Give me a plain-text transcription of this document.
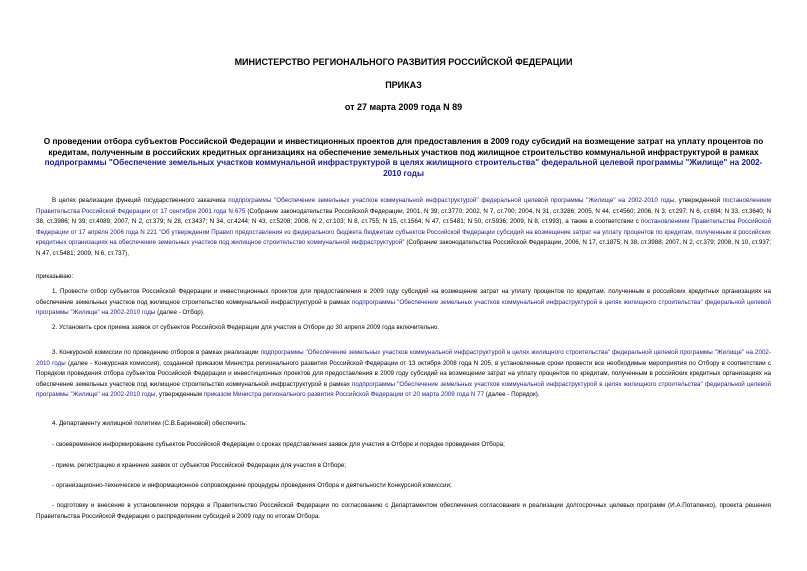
МИНИСТЕРСТВО РЕГИОНАЛЬНОГО РАЗВИТИЯ РОССИЙСКОЙ ФЕДЕРАЦИИ
ПРИКАЗ
от 27 марта 2009 года N 89
О проведении отбора субъектов Российской Федерации и инвестиционных проектов для предоставления в 2009 году субсидий на возмещение затрат на уплату процентов по кредитам, полученным в российских кредитных организациях на обеспечение земельных участков под жилищное строительство коммунальной инфраструктурой в рамках подпрограммы "Обеспечение земельных участков коммунальной инфраструктурой в целях жилищного строительства" федеральной целевой программы "Жилище" на 2002-2010 годы
В целях реализации функций государственного заказчика подпрограммы "Обеспечение земельных участков коммунальной инфраструктурой" федеральной целевой программы "Жилище" на 2002-2010 годы, утвержденной постановлением Правительства Российской Федерации от 17 сентября 2001 года N 675 (Собрание законодательства Российской Федерации, 2001, N 39, ст.3770; 2002, N 7, ст.700; 2004, N 31, ст.3286; 2005, N 44, ст.4560; 2006, N 3, ст.297; N 6, ст.694; N 33, ст.3640; N 38, ст.3986; N 39, ст.4089; 2007, N 2, ст.379; N 28, ст.3437; N 34, ст.4244; N 43, ст.5208; 2008, N 2, ст.103; N 8, ст.755; N 15, ст.1564; N 47, ст.5481; N 50, ст.5936; 2009, N 8, ст.993), а также в соответствии с постановлением Правительства Российской Федерации от 17 апреля 2006 года N 221 "Об утверждении Правил предоставления из федерального бюджета бюджетам субъектов Российской Федерации субсидий на возмещение затрат на уплату процентов по кредитам, полученным в российских кредитных организациях на обеспечение земельных участков под жилищное строительство коммунальной инфраструктурой" (Собрание законодательства Российской Федерации, 2006, N 17, ст.1875; N 38, ст.3988; 2007, N 2, ст.379; 2008, N 10, ст.937; N 47, ст.5481; 2009, N 6, ст.737),
приказываю:
1. Провести отбор субъектов Российской Федерации и инвестиционных проектов для предоставления в 2009 году субсидий на возмещение затрат на уплату процентов по кредитам, полученным в российских кредитных организациях на обеспечение земельных участков под жилищное строительство коммунальной инфраструктурой в рамках подпрограммы "Обеспечение земельных участков коммунальной инфраструктурой в целях жилищного строительства" федеральной целевой программы "Жилище" на 2002-2010 годы (далее - Отбор).
2. Установить срок приема заявок от субъектов Российской Федерации для участия в Отборе до 30 апреля 2009 года включительно.
3. Конкурсной комиссии по проведению отборов в рамках реализации подпрограммы "Обеспечение земельных участков коммунальной инфраструктурой в целях жилищного строительства" федеральной целевой программы "Жилище" на 2002-2010 годы (далее - Конкурсная комиссия), созданной приказом Министра регионального развития Российской Федерации от 13 октября 2008 года N 205, в установленные сроки провести все необходимые мероприятия по Отбору в соответствии с Порядком проведения отбора субъектов Российской Федерации и инвестиционных проектов для предоставления в 2009 году субсидий на возмещение затрат на уплату процентов по кредитам, полученным в российских кредитных организациях на обеспечение земельных участков под жилищное строительство коммунальной инфраструктурой в рамках подпрограммы "Обеспечение земельных участков коммунальной инфраструктурой в целях жилищного строительства" федеральной целевой программы "Жилище" на 2002-2010 годы, утвержденным приказом Министра регионального развития Российской Федерации от 20 марта 2009 года N 77 (далее - Порядок).
4. Департаменту жилищной политики (С.В.Бариновой) обеспечить:
- своевременное информирование субъектов Российской Федерации о сроках представления заявок для участия в Отборе и порядке проведения Отбора;
- прием, регистрацию и хранение заявок от субъектов Российской Федерации для участия в Отборе;
- организационно-техническое и информационное сопровождение процедуры проведения Отбора и деятельности Конкурсной комиссии;
- подготовку и внесение в установленном порядке в Правительство Российской Федерации по согласованию с Департаментом обеспечения согласования и реализации долгосрочных целевых программ (И.А.Потапенко), проекта решения Правительства Российской Федерации о распределении субсидий в 2009 году по итогам Отбора.
